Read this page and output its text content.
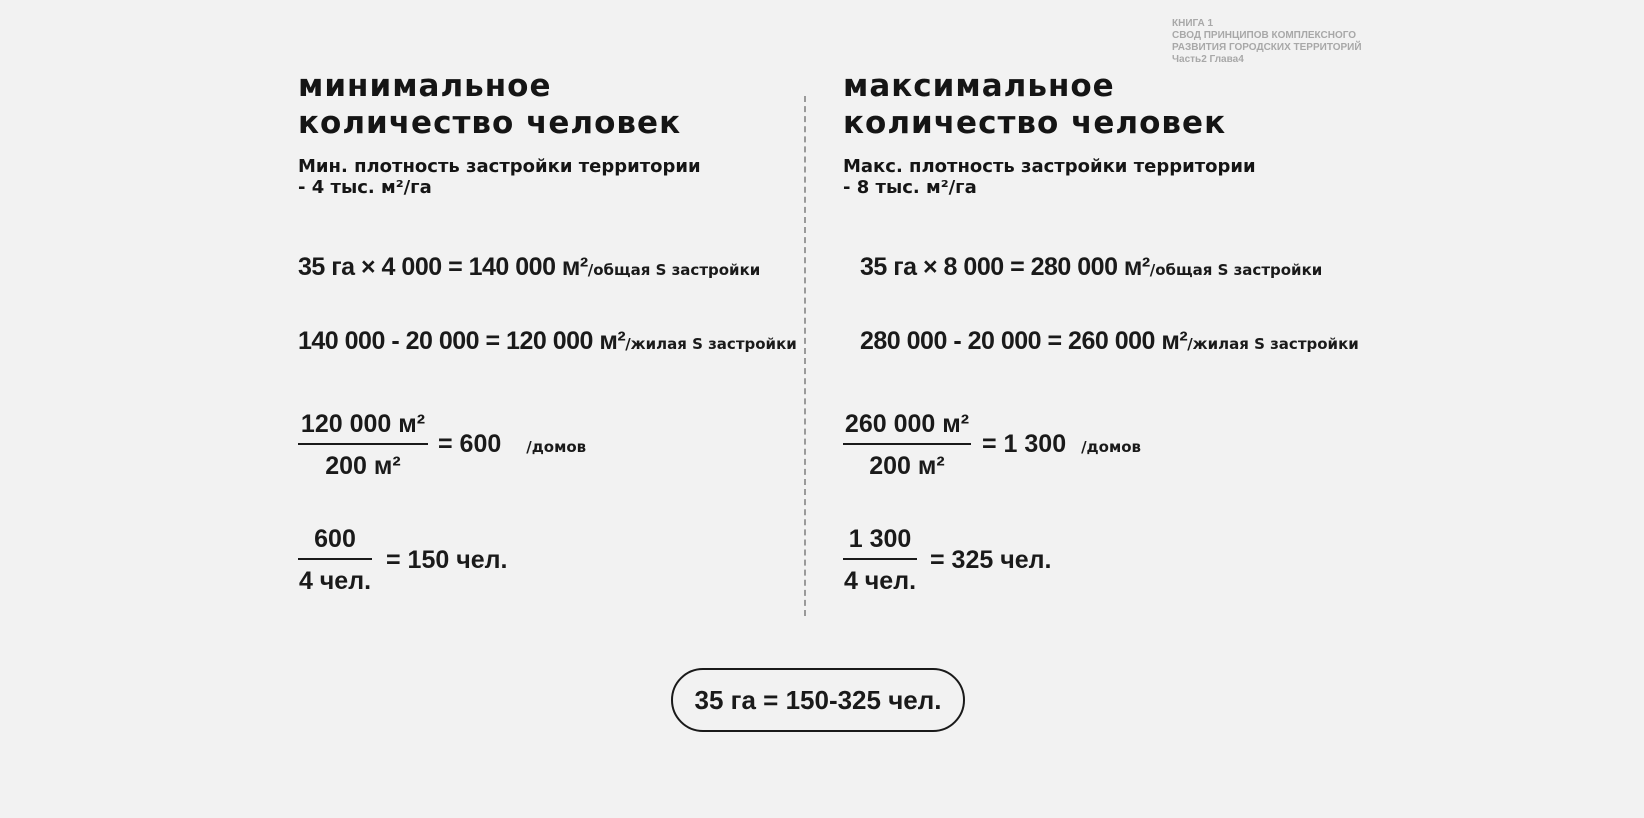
КНИГА 1
СВОД ПРИНЦИПОВ КОМПЛЕКСНОГО
РАЗВИТИЯ ГОРОДСКИХ ТЕРРИТОРИЙ
Часть2 Глава4
минимальное
количество человек
Мин. плотность застройки территории
- 4 тыс. м²/га
35 га × 4 000 = 140 000 м²/общая S застройки
140 000 - 20 000 = 120 000 м²/жилая S застройки
120 000 м²
200 м²
= 600 /домов
600
4 чел.
= 150 чел.
максимальное
количество человек
Макс. плотность застройки территории
- 8 тыс. м²/га
35 га × 8 000 = 280 000 м²/общая S застройки
280 000 - 20 000 = 260 000 м²/жилая S застройки
260 000 м²
200 м²
= 1 300 /домов
1 300
4 чел.
= 325 чел.
35 га = 150-325 чел.
